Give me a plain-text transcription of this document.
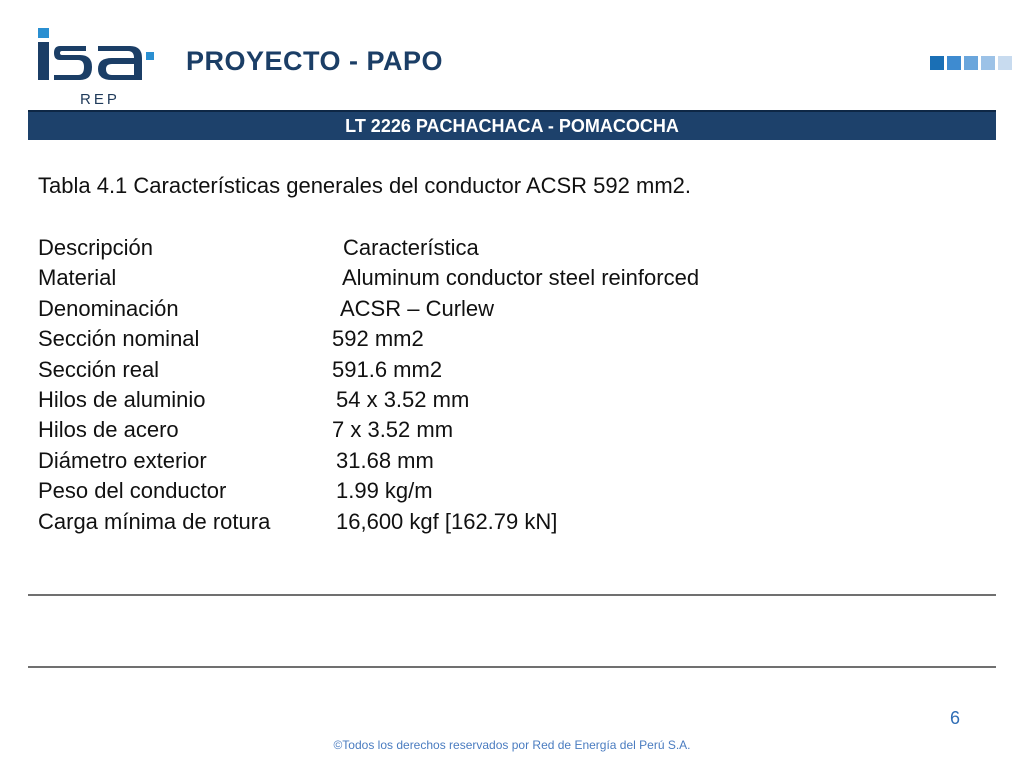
REP
PROYECTO - PAPO
LT 2226 PACHACHACA - POMACOCHA
Tabla 4.1 Características generales del conductor ACSR 592 mm2.
Descripción	Característica
Material	Aluminum conductor steel reinforced
Denominación	ACSR – Curlew
Sección nominal	592 mm2
Sección real	591.6 mm2
Hilos de aluminio	54 x 3.52 mm
Hilos de acero	7 x 3.52 mm
Diámetro exterior	31.68 mm
Peso del conductor	1.99 kg/m
Carga mínima de rotura	16,600 kgf [162.79 kN]
6
©Todos los derechos reservados por Red de Energía del Perú S.A.
